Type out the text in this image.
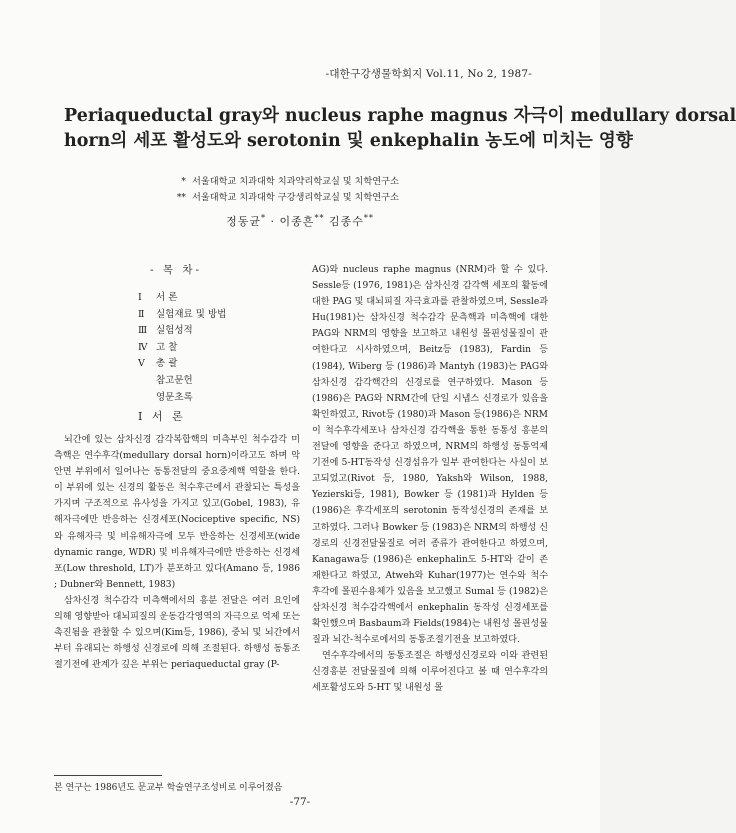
-대한구강생물학회지 Vol.11, No 2, 1987-
Periaqueductal gray와 nucleus raphe magnus 자극이 medullary dorsal
horn의 세포 활성도와 serotonin 및 enkephalin 농도에 미치는 영향
* 서울대학교 치과대학 치과약리학교실 및 치학연구소
** 서울대학교 치과대학 구강생리학교실 및 치학연구소
정동균* · 이종흔** 김종수**
- 목 차-
Ⅰ 서 론
Ⅱ 실험재료 및 방법
Ⅲ 실험성적
Ⅳ 고 찰
Ⅴ 총 괄
참고문헌
영문초록
Ⅰ 서 론

뇌간에 있는 삼차신경 감각복합핵의 미측부인 척수감각 미측핵은 연수후각(medullary dorsal horn)이라고도 하며 악안면 부위에서 일어나는 동통전달의 중요중계핵 역할을 한다. 이 부위에 있는 신경의 활동은 척수후근에서 관찰되는 특성을 가지며 구조적으로 유사성을 가지고 있고(Gobel, 1983), 유해자극에만 반응하는 신경세포(Nociceptive specific, NS)와 유해자극 및 비유해자극에 모두 반응하는 신경세포(wide dynamic range, WDR) 및 비유해자극에만 반응하는 신경세포(Low threshold, LT)가 분포하고 있다(Amano 등, 1986 ; Dubner와 Bennett, 1983)

삼차신경 척수감각 미측핵에서의 흥분 전달은 여러 요인에 의해 영향받아 대뇌피질의 운동감각영역의 자극으로 억제 또는 촉진됨을 관찰할 수 있으며(Kim등, 1986), 중뇌 및 뇌간에서부터 유래되는 하행성 신경로에 의해 조절된다. 하행성 동통조절기전에 관계가 깊은 부위는 periaqueductal gray (P-

AG)와 nucleus raphe magnus (NRM)라 할 수 있다. Sessle등 (1976, 1981)은 삼차신경 감각핵 세포의 활동에 대한 PAG 및 대뇌피질 자극효과를 관찰하였으며, Sessle과 Hu(1981)는 삼차신경 척수감각 문측핵과 미측핵에 대한 PAG와 NRM의 영향을 보고하고 내원성 몰핀성물질이 관여한다고 시사하였으며, Beitz등 (1983), Fardin 등 (1984), Wiberg 등 (1986)과 Mantyh (1983)는 PAG와 삼차신경 감각핵간의 신경로를 연구하였다. Mason 등(1986)은 PAG와 NRM간에 단일 시냅스 신경로가 있음을 확인하였고, Rivot등 (1980)과 Mason 등(1986)은 NRM이 척수후각세포나 삼차신경 감각핵을 통한 동통성 흥분의 전달에 영향을 준다고 하였으며, NRM의 하행성 동통억제기전에 5-HT동작성 신경섬유가 일부 관여한다는 사실이 보고되었고(Rivot 등, 1980, Yaksh와 Wilson, 1988, Yezierski등, 1981), Bowker 등 (1981)과 Hylden 등 (1986)은 후각세포의 serotonin 동작성신경의 존재를 보고하였다. 그러나 Bowker 등 (1983)은 NRM의 하행성 신경로의 신경전달물질로 여러 종류가 관여한다고 하였으며, Kanagawa등 (1986)은 enkephalin도 5-HT와 같이 존재한다고 하였고, Atweh와 Kuhar(1977)는 연수와 척수후각에 몰핀수용체가 있음을 보고했고 Sumal 등 (1982)은 삼차신경 척수감각핵에서 enkephalin 동작성 신경세포를 확인했으며 Basbaum과 Fields(1984)는 내원성 몰핀성물질과 뇌간-척수로에서의 동통조절기전을 보고하였다.

연수후각에서의 동통조절은 하행성신경로와 이와 관련된 신경흥분 전달물질에 의해 이루어진다고 볼 때 연수후각의 세포활성도와 5-HT 및 내원성 몰

본 연구는 1986년도 문교부 학술연구조성비로 이루어졌음
-77-
